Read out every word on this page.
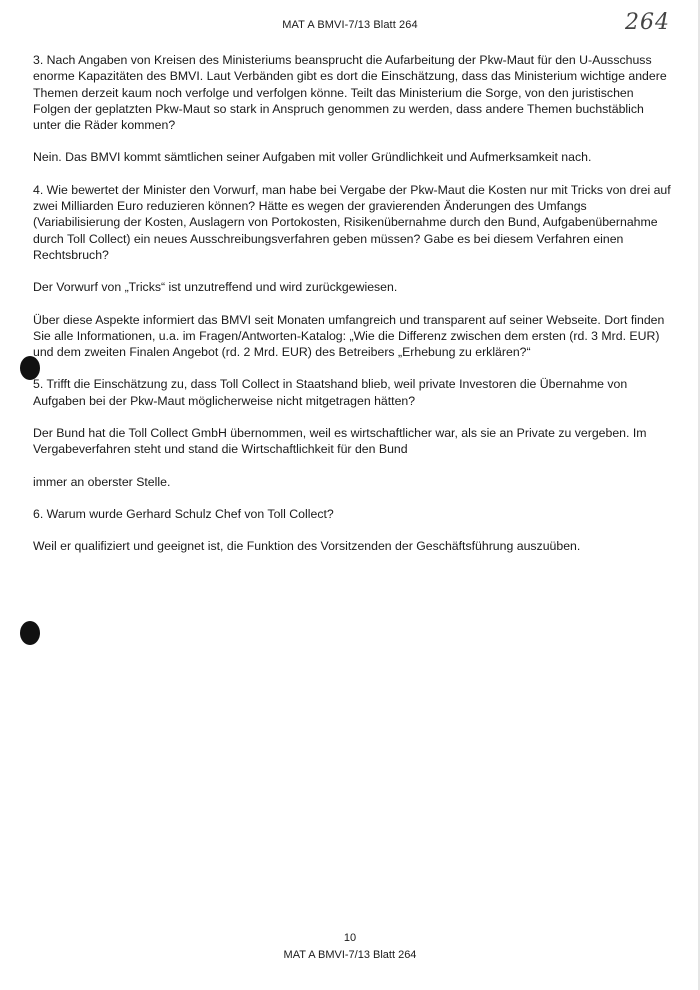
MAT A BMVI-7/13 Blatt 264	264

3. Nach Angaben von Kreisen des Ministeriums beansprucht die Aufarbeitung der Pkw-Maut für den U-Ausschuss enorme Kapazitäten des BMVI. Laut Verbänden gibt es dort die Einschätzung, dass das Ministerium wichtige andere Themen derzeit kaum noch verfolge und verfolgen könne. Teilt das Ministerium die Sorge, von den juristischen Folgen der geplatzten Pkw-Maut so stark in Anspruch genommen zu werden, dass andere Themen buchstäblich unter die Räder kommen?

Nein. Das BMVI kommt sämtlichen seiner Aufgaben mit voller Gründlichkeit und Aufmerksamkeit nach.

4. Wie bewertet der Minister den Vorwurf, man habe bei Vergabe der Pkw-Maut die Kosten nur mit Tricks von drei auf zwei Milliarden Euro reduzieren können? Hätte es wegen der gravierenden Änderungen des Umfangs (Variabilisierung der Kosten, Auslagern von Portokosten, Risikenübernahme durch den Bund, Aufgabenübernahme durch Toll Collect) ein neues Ausschreibungsverfahren geben müssen? Gabe es bei diesem Verfahren einen Rechtsbruch?

Der Vorwurf von „Tricks“ ist unzutreffend und wird zurückgewiesen.

Über diese Aspekte informiert das BMVI seit Monaten umfangreich und transparent auf seiner Webseite. Dort finden Sie alle Informationen, u.a. im Fragen/Antworten-Katalog: „Wie die Differenz zwischen dem ersten (rd. 3 Mrd. EUR) und dem zweiten Finalen Angebot (rd. 2 Mrd. EUR) des Betreibers „Erhebung zu erklären?“

5. Trifft die Einschätzung zu, dass Toll Collect in Staatshand blieb, weil private Investoren die Übernahme von Aufgaben bei der Pkw-Maut möglicherweise nicht mitgetragen hätten?

Der Bund hat die Toll Collect GmbH übernommen, weil es wirtschaftlicher war, als sie an Private zu vergeben. Im Vergabeverfahren steht und stand die Wirtschaftlichkeit für den Bund

immer an oberster Stelle.

6. Warum wurde Gerhard Schulz Chef von Toll Collect?

Weil er qualifiziert und geeignet ist, die Funktion des Vorsitzenden der Geschäftsführung auszuüben.

10
MAT A BMVI-7/13 Blatt 264
